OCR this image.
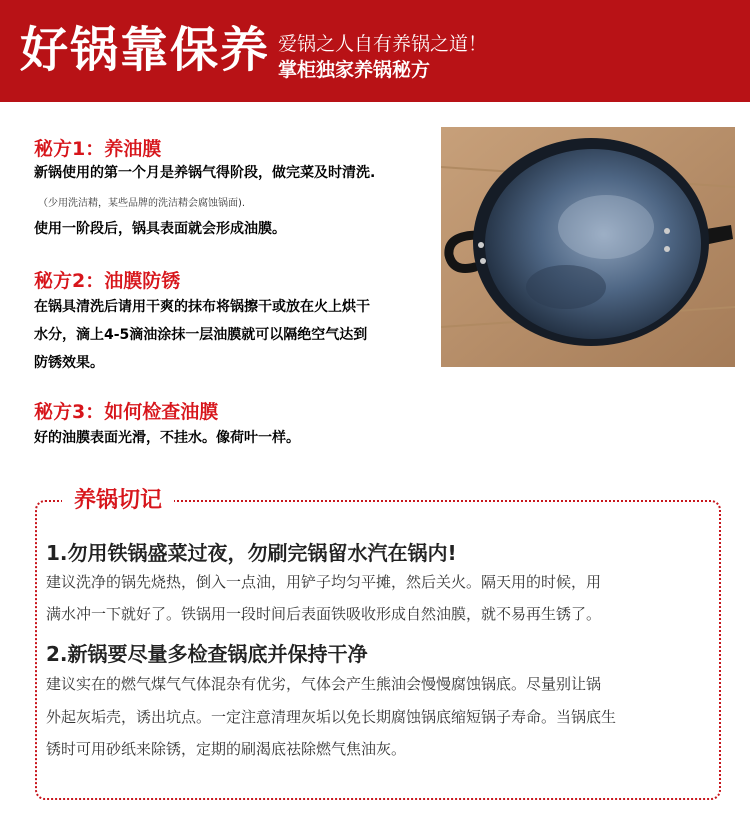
好锅靠保养 爱锅之人自有养锅之道！
掌柜独家养锅秘方
秘方1：养油膜
新锅使用的第一个月是养锅气得阶段，做完菜及时清洗.
（少用洗洁精，某些品牌的洗洁精会腐蚀锅面).
使用一阶段后，锅具表面就会形成油膜。
秘方2：油膜防锈
在锅具清洗后请用干爽的抹布将锅擦干或放在火上烘干
水分，滴上4-5滴油涂抹一层油膜就可以隔绝空气达到
防锈效果。
秘方3：如何检查油膜
好的油膜表面光滑，不挂水。像荷叶一样。
养锅切记
1.勿用铁锅盛菜过夜，勿刷完锅留水汽在锅内!
建议洗净的锅先烧热，倒入一点油，用铲子均匀平摊，然后关火。隔天用的时候，用
满水冲一下就好了。铁锅用一段时间后表面铁吸收形成自然油膜，就不易再生锈了。
2.新锅要尽量多检查锅底并保持干净
建议实在的燃气煤气气体混杂有优劣，气体会产生熊油会慢慢腐蚀锅底。尽量别让锅
外起灰垢壳，诱出坑点。一定注意清理灰垢以免长期腐蚀锅底缩短锅子寿命。当锅底生
锈时可用砂纸来除锈，定期的刷渴底祛除燃气焦油灰。
